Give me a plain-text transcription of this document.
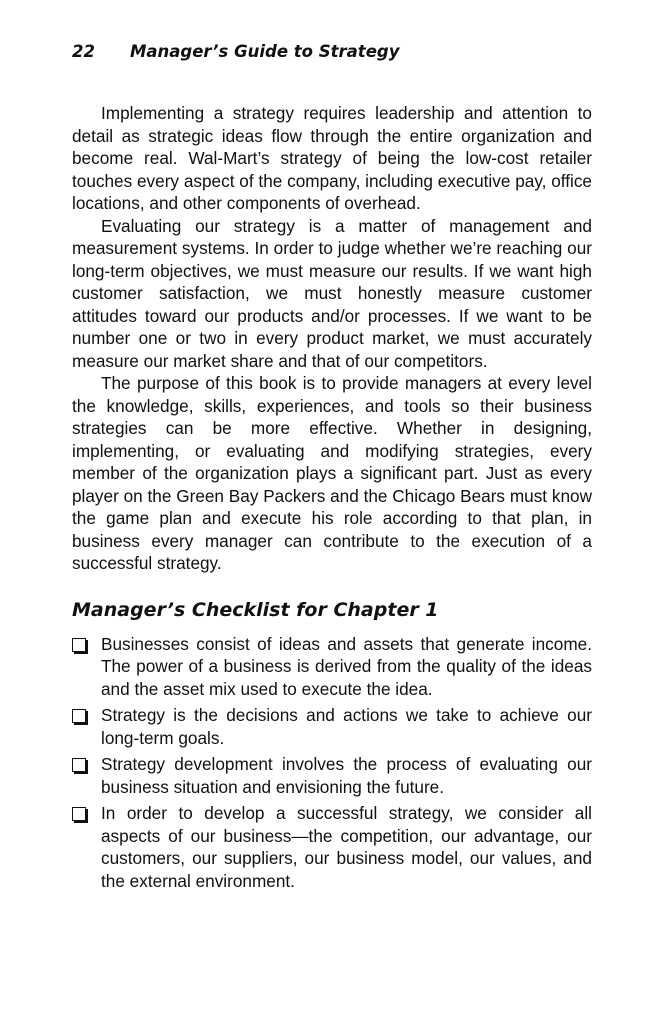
22 Manager’s Guide to Strategy

Implementing a strategy requires leadership and attention to detail as strategic ideas flow through the entire organization and become real. Wal-Mart’s strategy of being the low-cost retailer touches every aspect of the company, including executive pay, office locations, and other components of overhead.

Evaluating our strategy is a matter of management and measurement systems. In order to judge whether we’re reaching our long-term objectives, we must measure our results. If we want high customer satisfaction, we must honestly measure customer attitudes toward our products and/or processes. If we want to be number one or two in every product market, we must accurately measure our market share and that of our competitors.

The purpose of this book is to provide managers at every level the knowledge, skills, experiences, and tools so their business strategies can be more effective. Whether in designing, implementing, or evaluating and modifying strategies, every member of the organization plays a significant part. Just as every player on the Green Bay Packers and the Chicago Bears must know the game plan and execute his role according to that plan, in business every manager can contribute to the execution of a successful strategy.

Manager’s Checklist for Chapter 1
Businesses consist of ideas and assets that generate income. The power of a business is derived from the quality of the ideas and the asset mix used to execute the idea.
Strategy is the decisions and actions we take to achieve our long-term goals.
Strategy development involves the process of evaluating our business situation and envisioning the future.
In order to develop a successful strategy, we consider all aspects of our business—the competition, our advantage, our customers, our suppliers, our business model, our values, and the external environment.
